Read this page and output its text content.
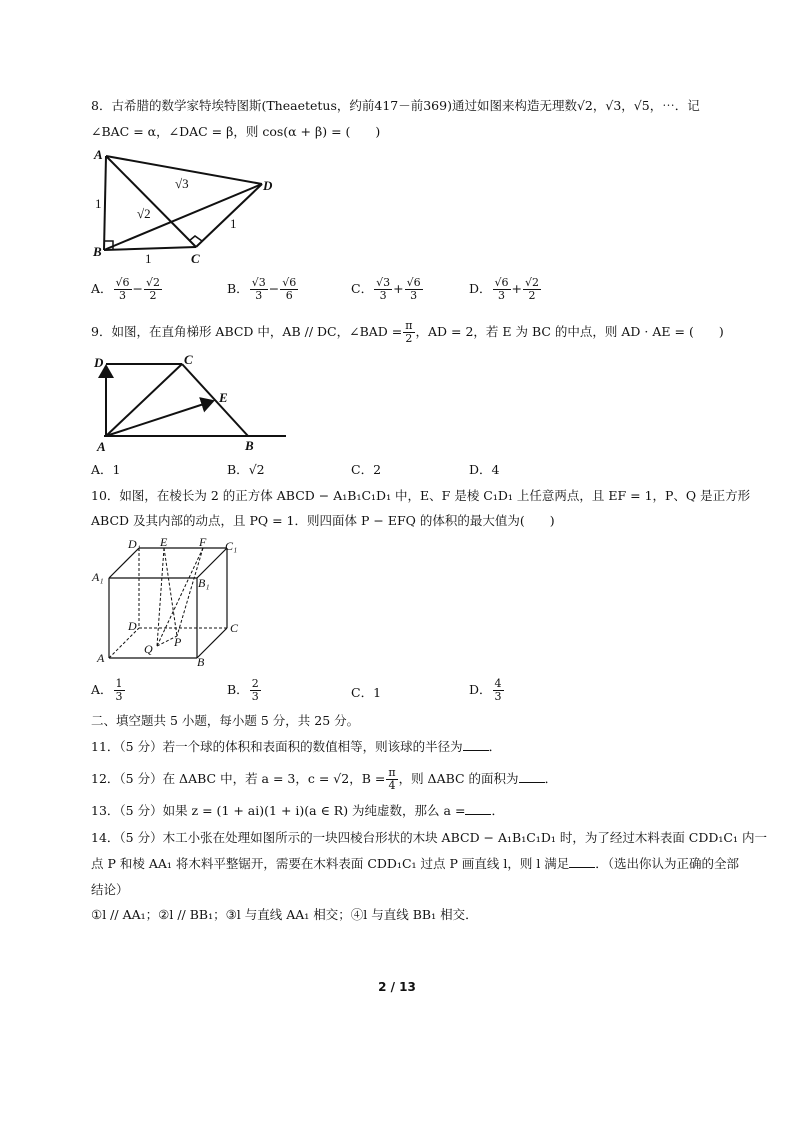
8．古希腊的数学家特埃特图斯(Theaetetus，约前417－前369)通过如图来构造无理数√2，√3，√5，⋯．记
∠BAC = α，∠DAC = β，则 cos(α + β) = (　　)
A
B	C
D
1
1
1
√2
√3
A． $\frac{√6}{3} - \frac{√2}{2}$	B． $\frac{√3}{3} - \frac{√6}{6}$	C． $\frac{√3}{3} + \frac{√6}{3}$	D． $\frac{√6}{3} + \frac{√2}{2}$
9．如图，在直角梯形 ABCD 中，AB // DC，∠BAD = $\frac{\pi}{2}$ ，AD = 2，若 E 为 BC 的中点，则 AD · AE = (　　)
D	C
E
A	B
A．1	B．√2	C．2	D．4
10．如图，在棱长为 2 的正方体 ABCD − A₁B₁C₁D₁ 中，E、F 是棱 C₁D₁ 上任意两点，且 EF = 1，P、Q 是正方形
ABCD 及其内部的动点，且 PQ = 1．则四面体 P − EFQ 的体积的最大值为(　　)
D₁ E	F C₁
A₁	B₁
D	C
P
Q
A	B
A． $\frac{1}{3}$	B． $\frac{2}{3}$	C．1	D． $\frac{4}{3}$
二、填空题共 5 小题，每小题 5 分，共 25 分。
11．（5 分）若一个球的体积和表面积的数值相等，则该球的半径为 ．
12．（5 分）在 ΔABC 中，若 a = 3，c = √2，$B = \frac{\pi}{4}$ ，则 ΔABC 的面积为 ．
13．（5 分）如果 z = (1 + ai)(1 + i)(a ∈ R) 为纯虚数，那么 a = ．
14．（5 分）木工小张在处理如图所示的一块四棱台形状的木块 ABCD − A₁B₁C₁D₁ 时，为了经过木料表面 CDD₁C₁ 内一
点 P 和棱 AA₁ 将木料平整锯开，需要在木料表面 CDD₁C₁ 过点 P 画直线 l，则 l 满足 ．（选出你认为正确的全部
结论）
①l // AA₁；②l // BB₁；③l 与直线 AA₁ 相交；④l 与直线 BB₁ 相交．
2 / 13
